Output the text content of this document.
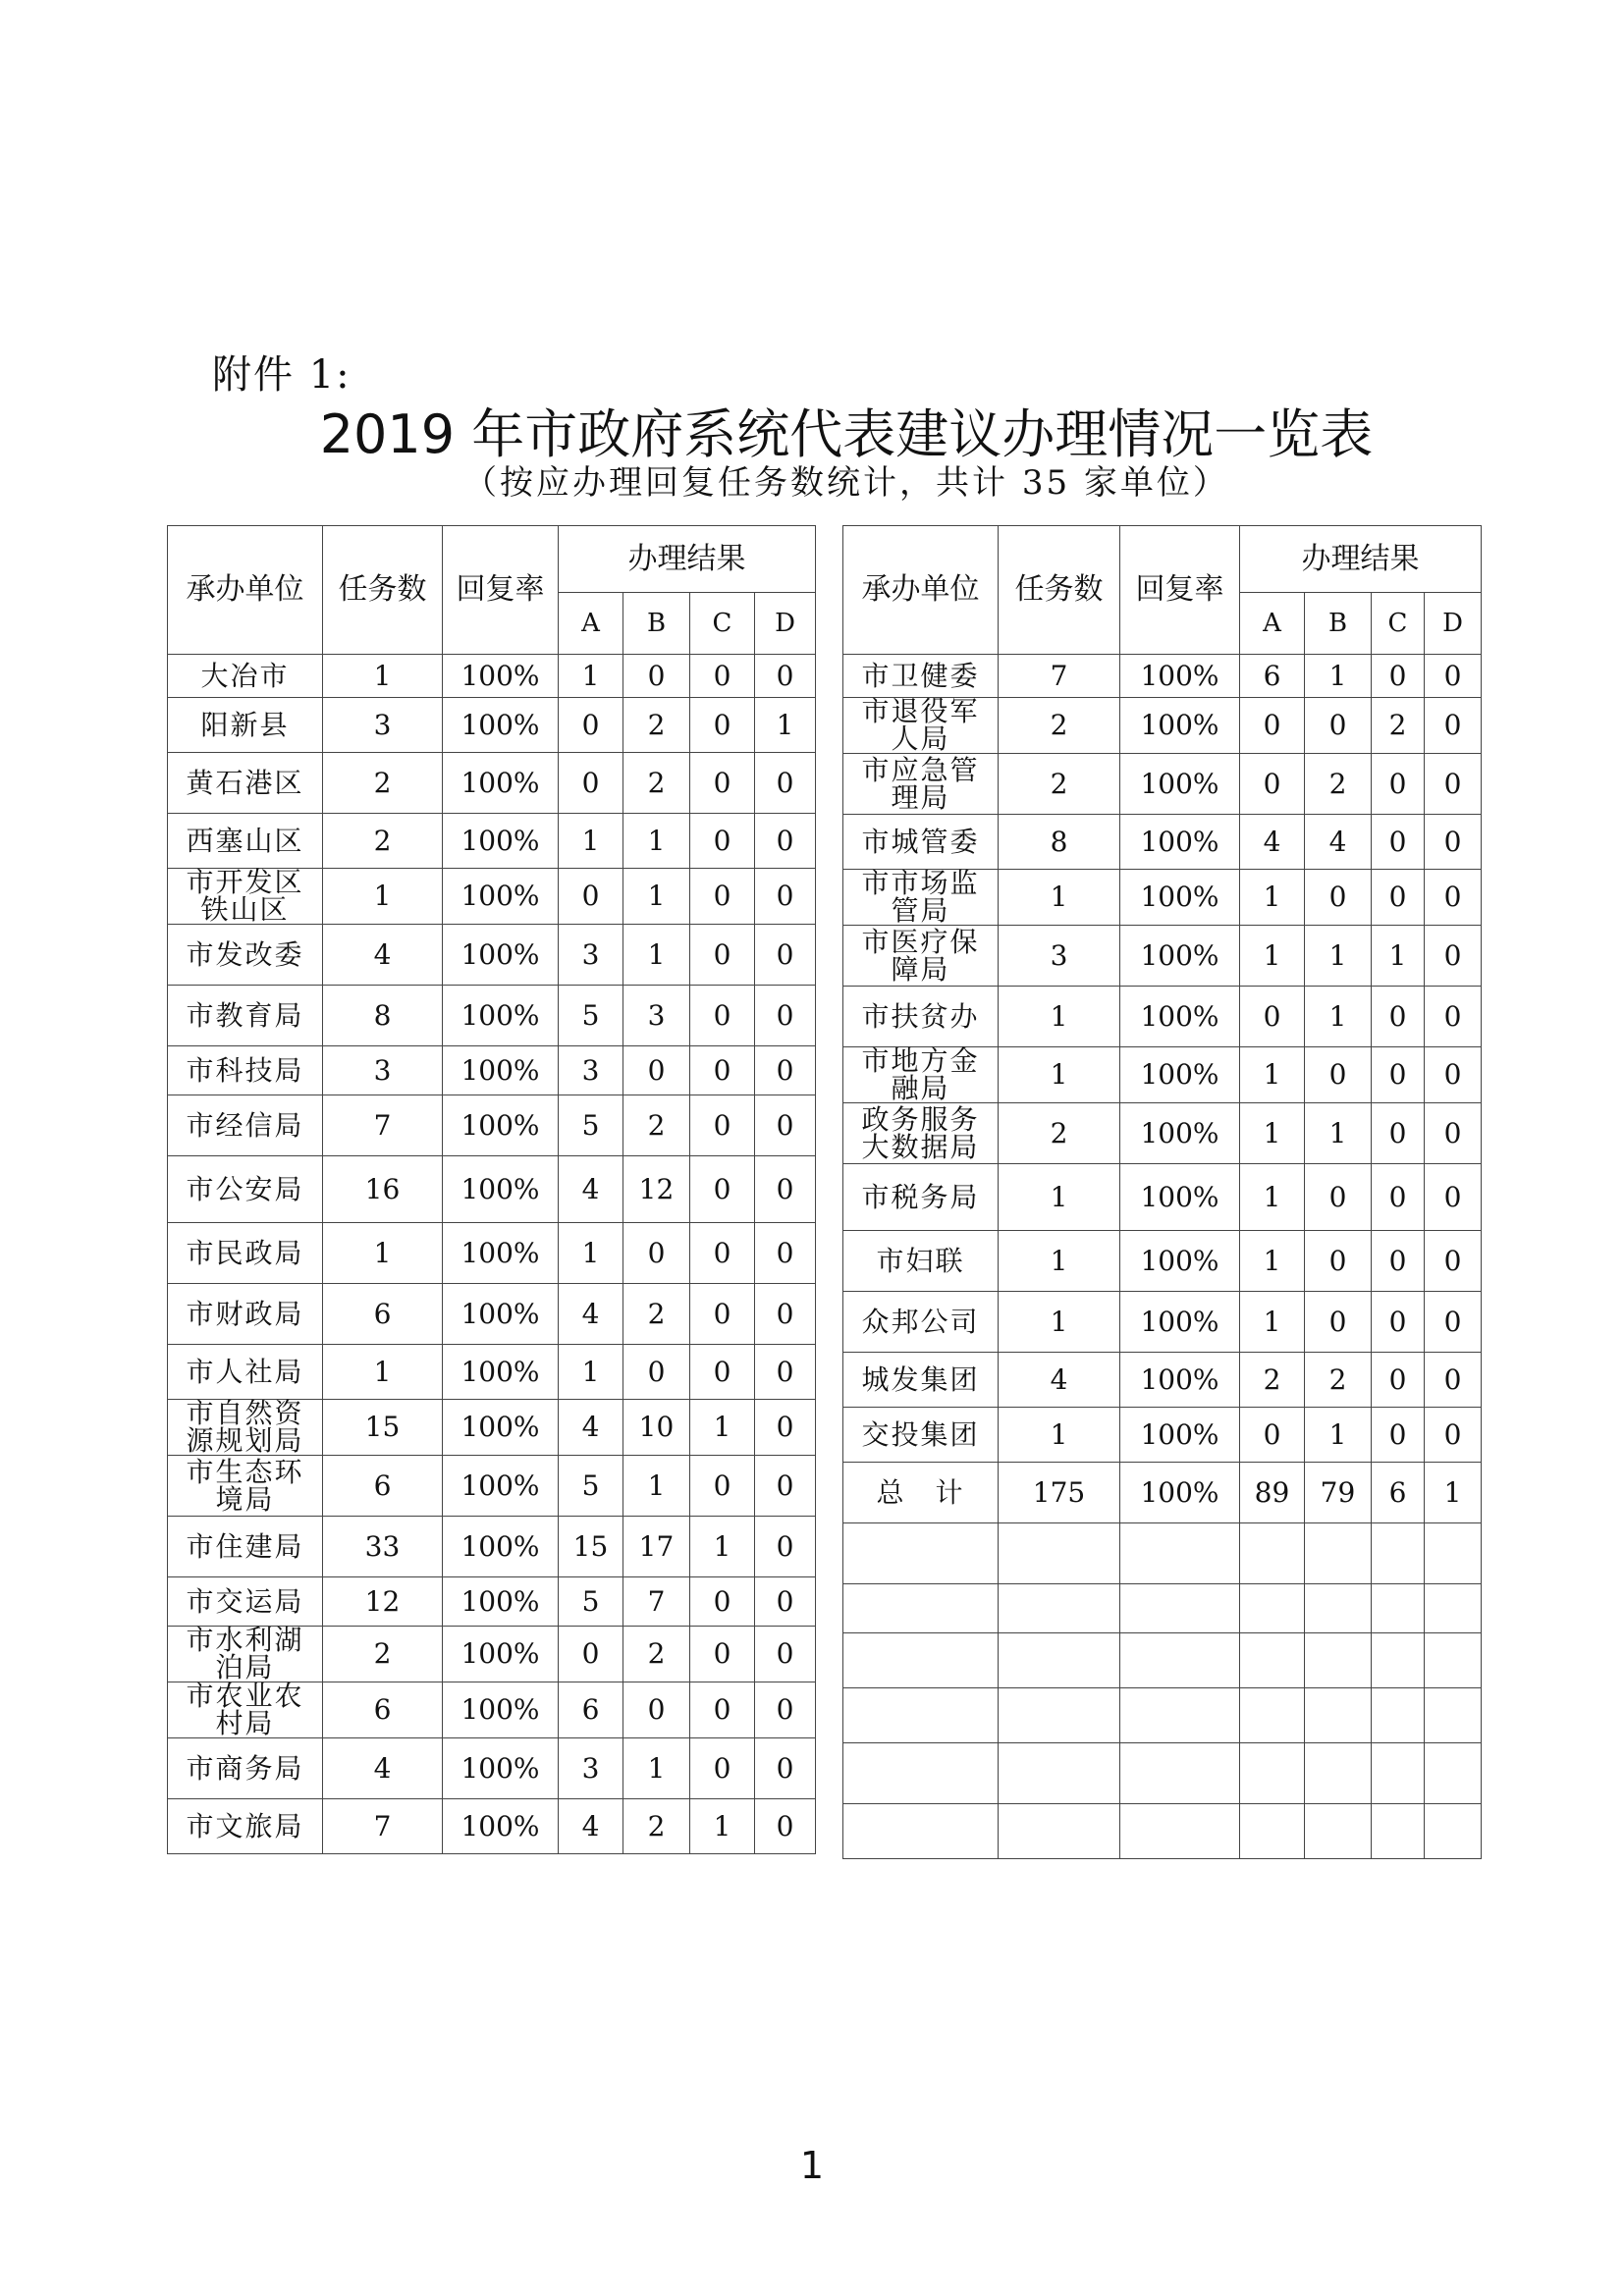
附件 1:
2019 年市政府系统代表建议办理情况一览表
（按应办理回复任务数统计，共计 35 家单位）
承办单位	任务数	回复率	办理结果			
			A	B	C	D
大冶市	1	100%	1	0	0	0
阳新县	3	100%	0	2	0	1
黄石港区	2	100%	0	2	0	0
西塞山区	2	100%	1	1	0	0
市开发区铁山区	1	100%	0	1	0	0
市发改委	4	100%	3	1	0	0
市教育局	8	100%	5	3	0	0
市科技局	3	100%	3	0	0	0
市经信局	7	100%	5	2	0	0
市公安局	16	100%	4	12	0	0
市民政局	1	100%	1	0	0	0
市财政局	6	100%	4	2	0	0
市人社局	1	100%	1	0	0	0
市自然资源规划局	15	100%	4	10	1	0
市生态环境局	6	100%	5	1	0	0
市住建局	33	100%	15	17	1	0
市交运局	12	100%	5	7	0	0
市水利湖泊局	2	100%	0	2	0	0
市农业农村局	6	100%	6	0	0	0
市商务局	4	100%	3	1	0	0
市文旅局	7	100%	4	2	1	0
承办单位	任务数	回复率	办理结果			
			A	B	C	D
市卫健委	7	100%	6	1	0	0
市退役军人局	2	100%	0	0	2	0
市应急管理局	2	100%	0	2	0	0
市城管委	8	100%	4	4	0	0
市市场监管局	1	100%	1	0	0	0
市医疗保障局	3	100%	1	1	1	0
市扶贫办	1	100%	0	1	0	0
市地方金融局	1	100%	1	0	0	0
政务服务大数据局	2	100%	1	1	0	0
市税务局	1	100%	1	0	0	0
市妇联	1	100%	1	0	0	0
众邦公司	1	100%	1	0	0	0
城发集团	4	100%	2	2	0	0
交投集团	1	100%	0	1	0	0
总　计	175	100%	89	79	6	1

1
